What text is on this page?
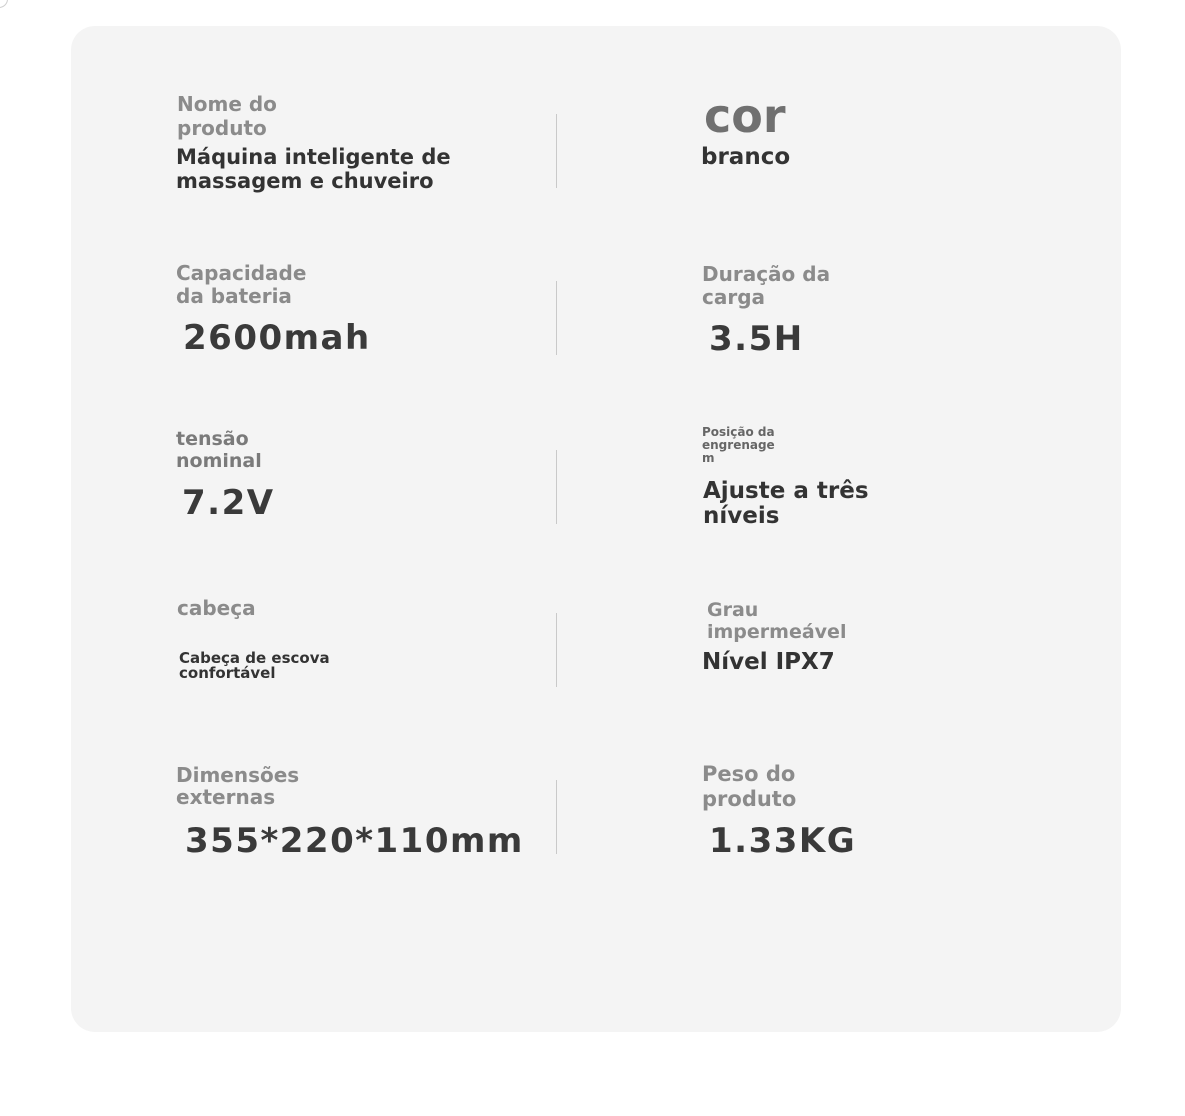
Nome do
produto
Máquina inteligente de
massagem e chuveiro
cor
branco
Capacidade
da bateria
2600mah
Duração da
carga
3.5H
tensão
nominal
7.2V
Posição da
engrenage
m
Ajuste a três
níveis
cabeça
Cabeça de escova
confortável
Grau
impermeável
Nível IPX7
Dimensões
externas
355*220*110mm
Peso do
produto
1.33KG
